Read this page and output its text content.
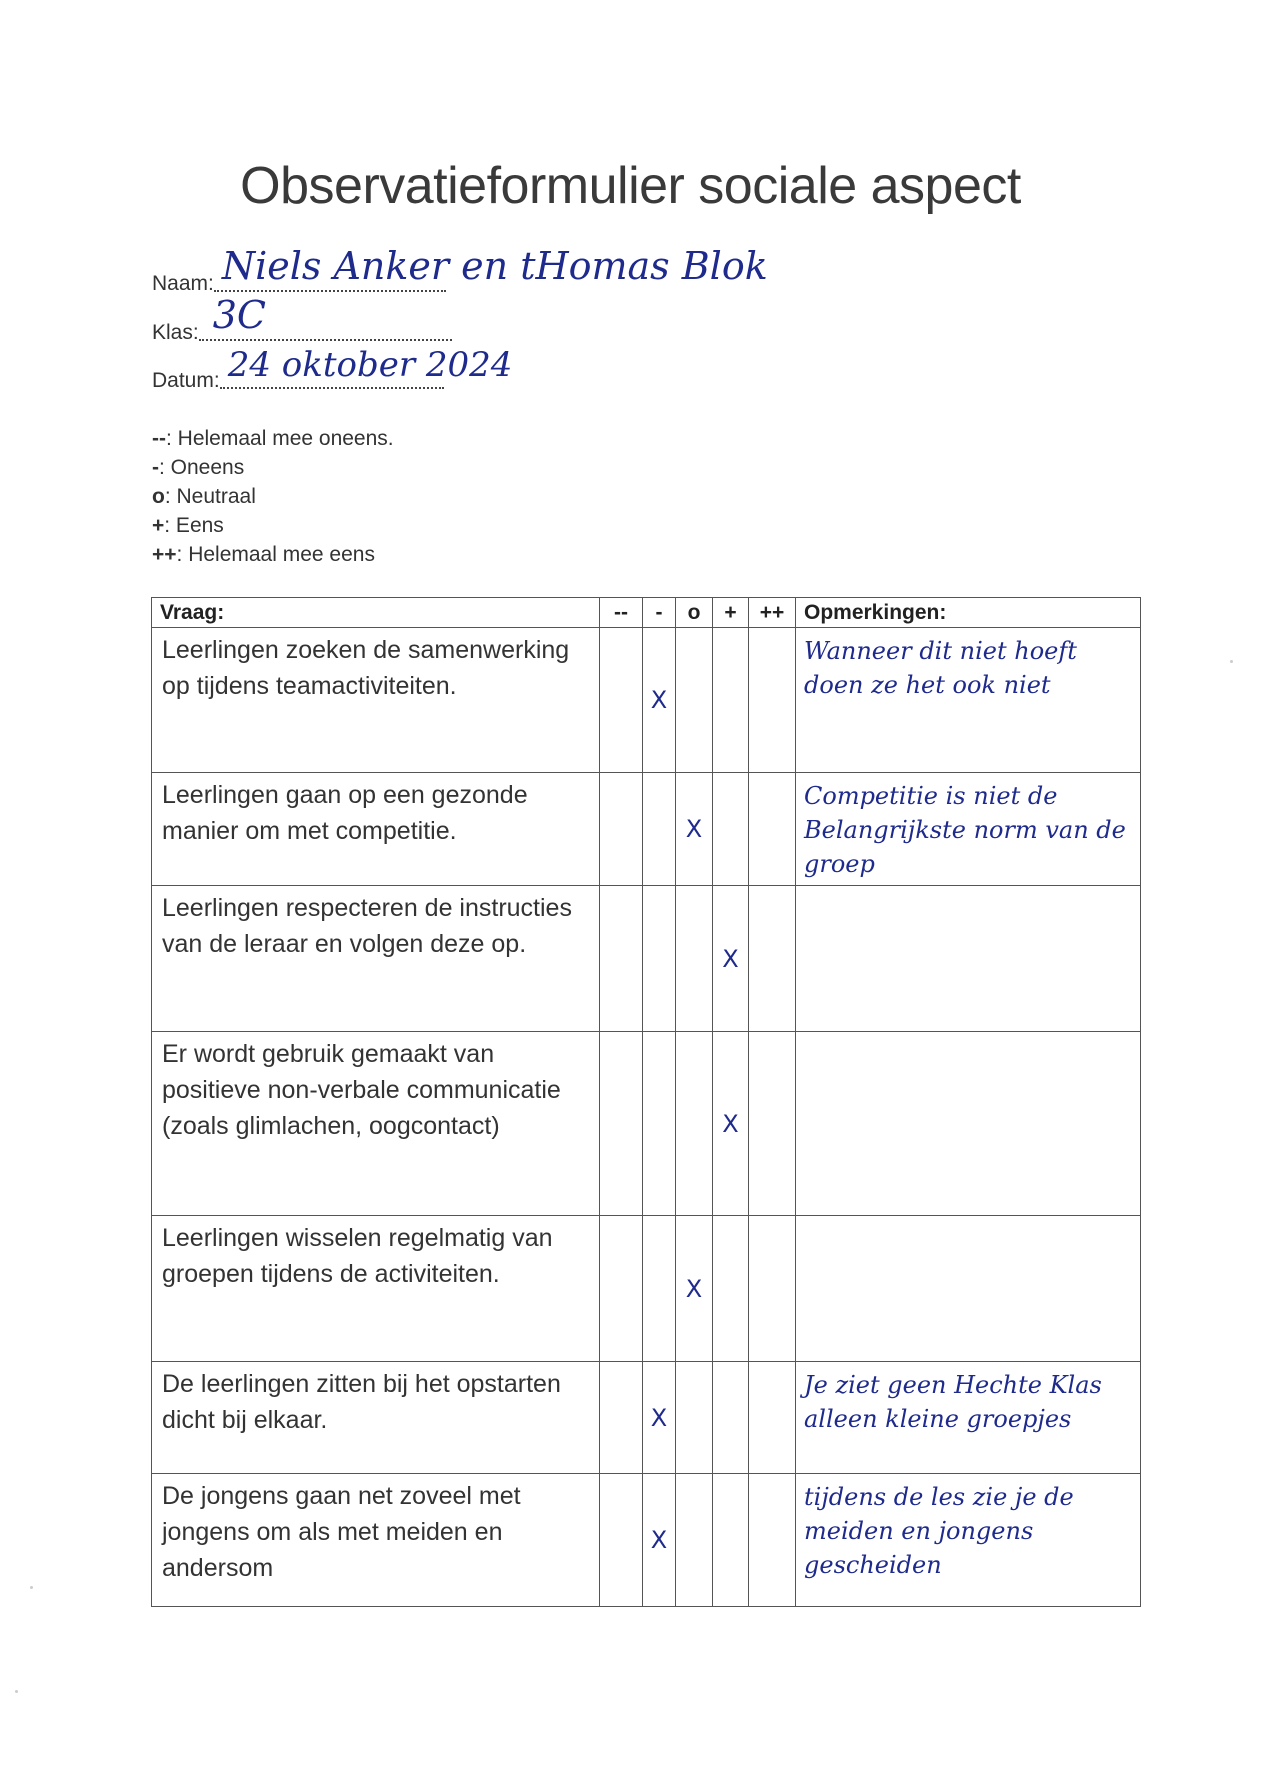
Observatieformulier sociale aspect
Naam: Niels Anker en tHomas Blok
Klas: 3C
Datum: 24 oktober 2024
--: Helemaal mee oneens.
-: Oneens
o: Neutraal
+: Eens
++: Helemaal mee eens
Vraag:	--	-	o	+	++	Opmerkingen:
Leerlingen zoeken de samenwerking op tijdens teamactiviteiten.		X				Wanneer dit niet hoeft doen ze het ook niet
Leerlingen gaan op een gezonde manier om met competitie.			X			Competitie is niet de Belangrijkste norm van de groep
Leerlingen respecteren de instructies van de leraar en volgen deze op.				X		
Er wordt gebruik gemaakt van positieve non-verbale communicatie (zoals glimlachen, oogcontact)				X		
Leerlingen wisselen regelmatig van groepen tijdens de activiteiten.			X			
De leerlingen zitten bij het opstarten dicht bij elkaar.		X				Je ziet geen Hechte Klas alleen kleine groepjes
De jongens gaan net zoveel met jongens om als met meiden en andersom		X				tijdens de les zie je de meiden en jongens gescheiden
